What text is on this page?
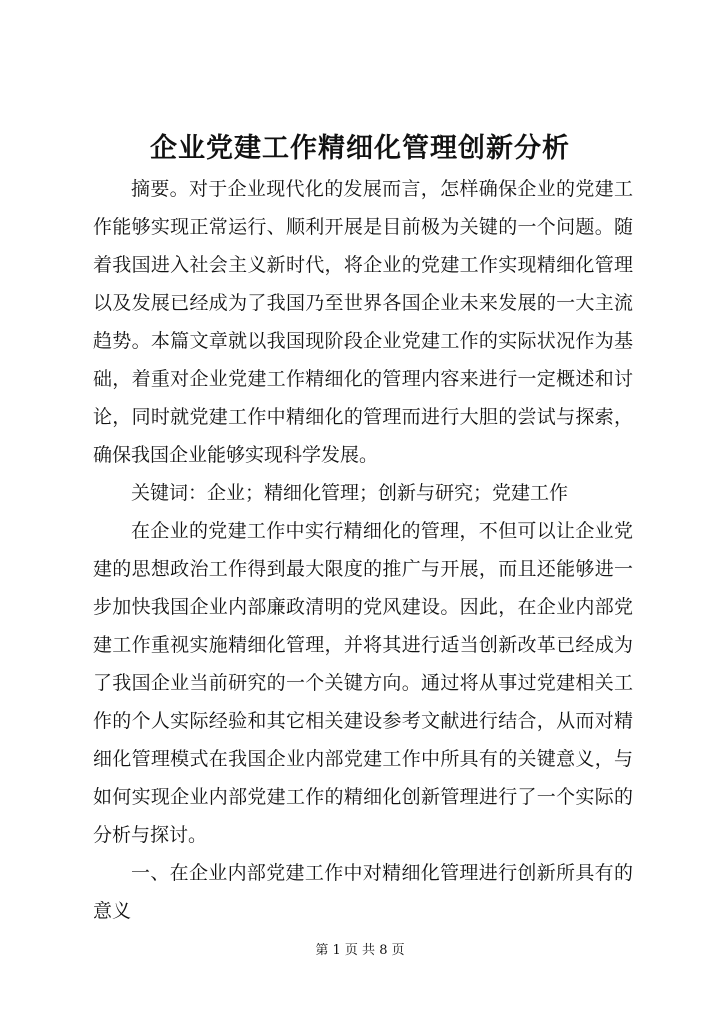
企业党建工作精细化管理创新分析

摘要。对于企业现代化的发展而言，怎样确保企业的党建工作能够实现正常运行、顺利开展是目前极为关键的一个问题。随着我国进入社会主义新时代，将企业的党建工作实现精细化管理以及发展已经成为了我国乃至世界各国企业未来发展的一大主流趋势。本篇文章就以我国现阶段企业党建工作的实际状况作为基础，着重对企业党建工作精细化的管理内容来进行一定概述和讨论，同时就党建工作中精细化的管理而进行大胆的尝试与探索，确保我国企业能够实现科学发展。

关键词：企业；精细化管理；创新与研究；党建工作

在企业的党建工作中实行精细化的管理，不但可以让企业党建的思想政治工作得到最大限度的推广与开展，而且还能够进一步加快我国企业内部廉政清明的党风建设。因此，在企业内部党建工作重视实施精细化管理，并将其进行适当创新改革已经成为了我国企业当前研究的一个关键方向。通过将从事过党建相关工作的个人实际经验和其它相关建设参考文献进行结合，从而对精细化管理模式在我国企业内部党建工作中所具有的关键意义，与如何实现企业内部党建工作的精细化创新管理进行了一个实际的分析与探讨。

一、在企业内部党建工作中对精细化管理进行创新所具有的意义

第 1 页 共 8 页
